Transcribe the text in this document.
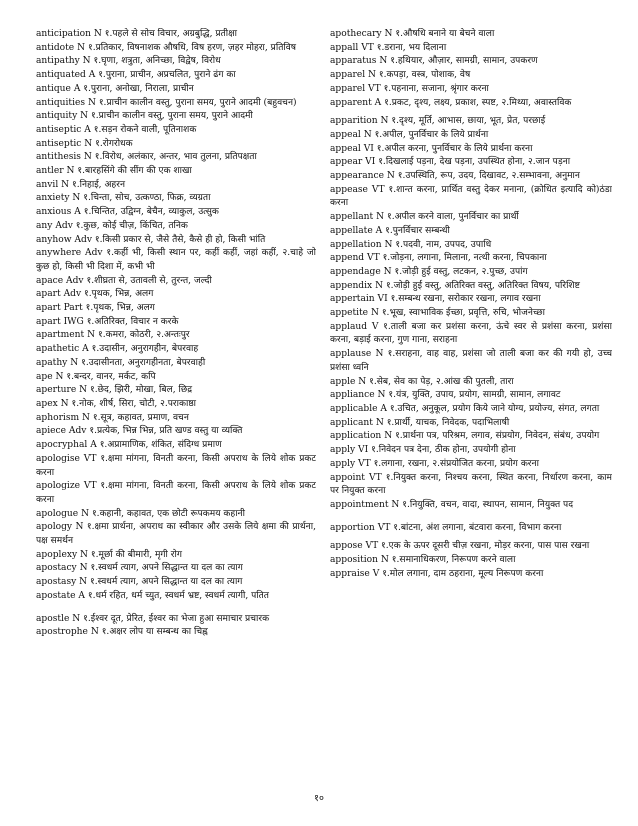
anticipation N १.पहले से सोच विचार, अग्रबुद्धि, प्रतीक्षा

antidote N १.प्रतिकार, विषनाशक औषधि, विष हरण, ज़हर मोहरा, प्रतिविष

antipathy N १.घृणा, शत्रुता, अनिच्छा, विद्वेष, विरोध

antiquated A १.पुराना, प्राचीन, अप्रचलित, पुराने ढंग का

antique A १.पुराना, अनोखा, निराला, प्राचीन

antiquities N १.प्राचीन कालीन वस्तु, पुराना समय, पुराने आदमी (बहुवचन)

antiquity N १.प्राचीन कालीन वस्तु, पुराना समय, पुराने आदमी

antiseptic A १.सड़न रोकने वाली, पूतिनाशक

antiseptic N १.रोगरोधक

antithesis N १.विरोध, अलंकार, अन्तर, भाव तुलना, प्रतिपक्षता

antler N १.बारहसिंगे की सींग की एक शाखा

anvil N १.निहाई, अहरन

anxiety N १.चिन्ता, सोच, उत्कण्ठा, फिक्र, व्यग्रता

anxious A १.चिन्तित, उद्विग्न, बेचैन, व्याकुल, उत्सुक

any Adv १.कुछ, कोई चीज़, किंचित, तनिक

anyhow Adv १.किसी प्रकार से, जैसे तैसे, कैसे ही हो, किसी भांति

anywhere Adv १.कहीं भी, किसी स्थान पर, कहीं कहीं, जहां कहीं, २.चाहे जो कुछ हो, किसी भी दिशा में, कभी भी

apace Adv १.शीघ्रता से, उतावली से, तुरन्त, जल्दी

apart Adv १.पृथक, भिन्न, अलग

apart Part १.पृथक, भिन्न, अलग

apart IWG १.अतिरिक्त, विचार न करके

apartment N १.कमरा, कोठरी, २.अन्तःपुर

apathetic A १.उदासीन, अनुरागहीन, बेपरवाह

apathy N १.उदासीनता, अनुरागहीनता, बेपरवाही

ape N १.बन्दर, वानर, मर्कट, कपि

aperture N १.छेद, झिरी, मोखा, बिल, छिद्र

apex N १.नोक, शीर्ष, सिरा, चोटी, २.पराकाष्ठा

aphorism N १.सूत्र, कहावत, प्रमाण, वचन

apiece Adv १.प्रत्येक, भिन्न भिन्न, प्रति खण्ड वस्तु या व्यक्ति

apocryphal A १.अप्रामाणिक, शंकित, संदिग्ध प्रमाण

apologise VT १.क्षमा मांगना, विनती करना, किसी अपराध के लिये शोक प्रकट करना

apologize VT १.क्षमा मांगना, विनती करना, किसी अपराध के लिये शोक प्रकट करना

apologue N १.कहानी, कहावत, एक छोटी रूपकमय कहानी

apology N १.क्षमा प्रार्थना, अपराध का स्वीकार और उसके लिये क्षमा की प्रार्थना, पक्ष समर्थन

apoplexy N १.मूर्छा की बीमारी, मृगी रोग

apostacy N १.स्वधर्म त्याग, अपने सिद्धान्त या दल का त्याग

apostasy N १.स्वधर्म त्याग, अपने सिद्धान्त या दल का त्याग

apostate A १.धर्म रहित, धर्म च्युत, स्वधर्म भ्रष्ट, स्वधर्म त्यागी, पतित

apostle N १.ईश्वर दूत, प्रेरित, ईश्वर का भेजा हुआ समाचार प्रचारक

apostrophe N १.अक्षर लोप या सम्बन्ध का चिह्न

apothecary N १.औषधि बनाने या बेचने वाला

appall VT १.डराना, भय दिलाना

apparatus N १.हथियार, औज़ार, सामग्री, सामान, उपकरण

apparel N १.कपड़ा, वस्त्र, पोशाक, वेष

apparel VT १.पहनाना, सजाना, श्रृंगार करना

apparent A १.प्रकट, दृश्य, लक्ष्य, प्रकाश, स्पष्ट, २.मिथ्या, अवास्तविक

apparition N १.दृश्य, मूर्ति, आभास, छाया, भूत, प्रेत, परछाई

appeal N १.अपील, पुनर्विचार के लिये प्रार्थना

appeal VI १.अपील करना, पुनर्विचार के लिये प्रार्थना करना

appear VI १.दिखलाई पड़ना, देख पड़ना, उपस्थित होना, २.जान पड़ना

appearance N १.उपस्थिति, रूप, उदय, दिखावट, २.सम्भावना, अनुमान

appease VT १.शान्त करना, प्रार्थित वस्तु देकर मनाना, (क्रोधित इत्यादि को)ठंडा करना

appellant N १.अपील करने वाला, पुनर्विचार का प्रार्थी

appellate A १.पुनर्विचार सम्बन्धी

appellation N १.पदवी, नाम, उपपद, उपाधि

append VT १.जोड़ना, लगाना, मिलाना, नत्थी करना, चिपकाना

appendage N १.जोड़ी हुई वस्तु, लटकन, २.पुच्छ, उपांग

appendix N १.जोड़ी हुई वस्तु, अतिरिक्त वस्तु, अतिरिक्त विषय, परिशिष्ट

appertain VI १.सम्बन्ध रखना, सरोकार रखना, लगाव रखना

appetite N १.भूख, स्वाभाविक ईच्छा, प्रवृत्ति, रुचि, भोजनेच्छा

applaud V १.ताली बजा कर प्रशंसा करना, ऊंचे स्वर से प्रशंसा करना, प्रशंसा करना, बड़ाई करना, गुण गाना, सराहना

applause N १.सराहना, वाह वाह, प्रशंसा जो ताली बजा कर की गयी हो, उच्च प्रशंसा ध्वनि

apple N १.सेब, सेव का पेड़, २.आंख की पुतली, तारा

appliance N १.यंत्र, युक्ति, उपाय, प्रयोग, सामग्री, सामान, लगावट

applicable A १.उचित, अनुकूल, प्रयोग किये जाने योग्य, प्रयोज्य, संगत, लगता

applicant N १.प्रार्थी, याचक, निवेदक, पदाभिलाषी

application N १.प्रार्थना पत्र, परिश्रम, लगाव, संप्रयोग, निवेदन, संबंध, उपयोग

apply VI १.निवेदन पत्र देना, ठीक होना, उपयोगी होना

apply VT १.लगाना, रखना, २.संप्रयोजित करना, प्रयोग करना

appoint VT १.नियुक्त करना, निश्चय करना, स्थित करना, निर्धारण करना, काम पर नियुक्त करना

appointment N १.नियुक्ति, वचन, वादा, स्थापन, सामान, नियुक्त पद

apportion VT १.बांटना, अंश लगाना, बंटवारा करना, विभाग करना

appose VT १.एक के ऊपर दूसरी चीज़ रखना, मोड़र करना, पास पास रखना

apposition N १.समानाधिकरण, निरूपण करने वाला

appraise V १.मोल लगाना, दाम ठहराना, मूल्य निरूपण करना

१०
